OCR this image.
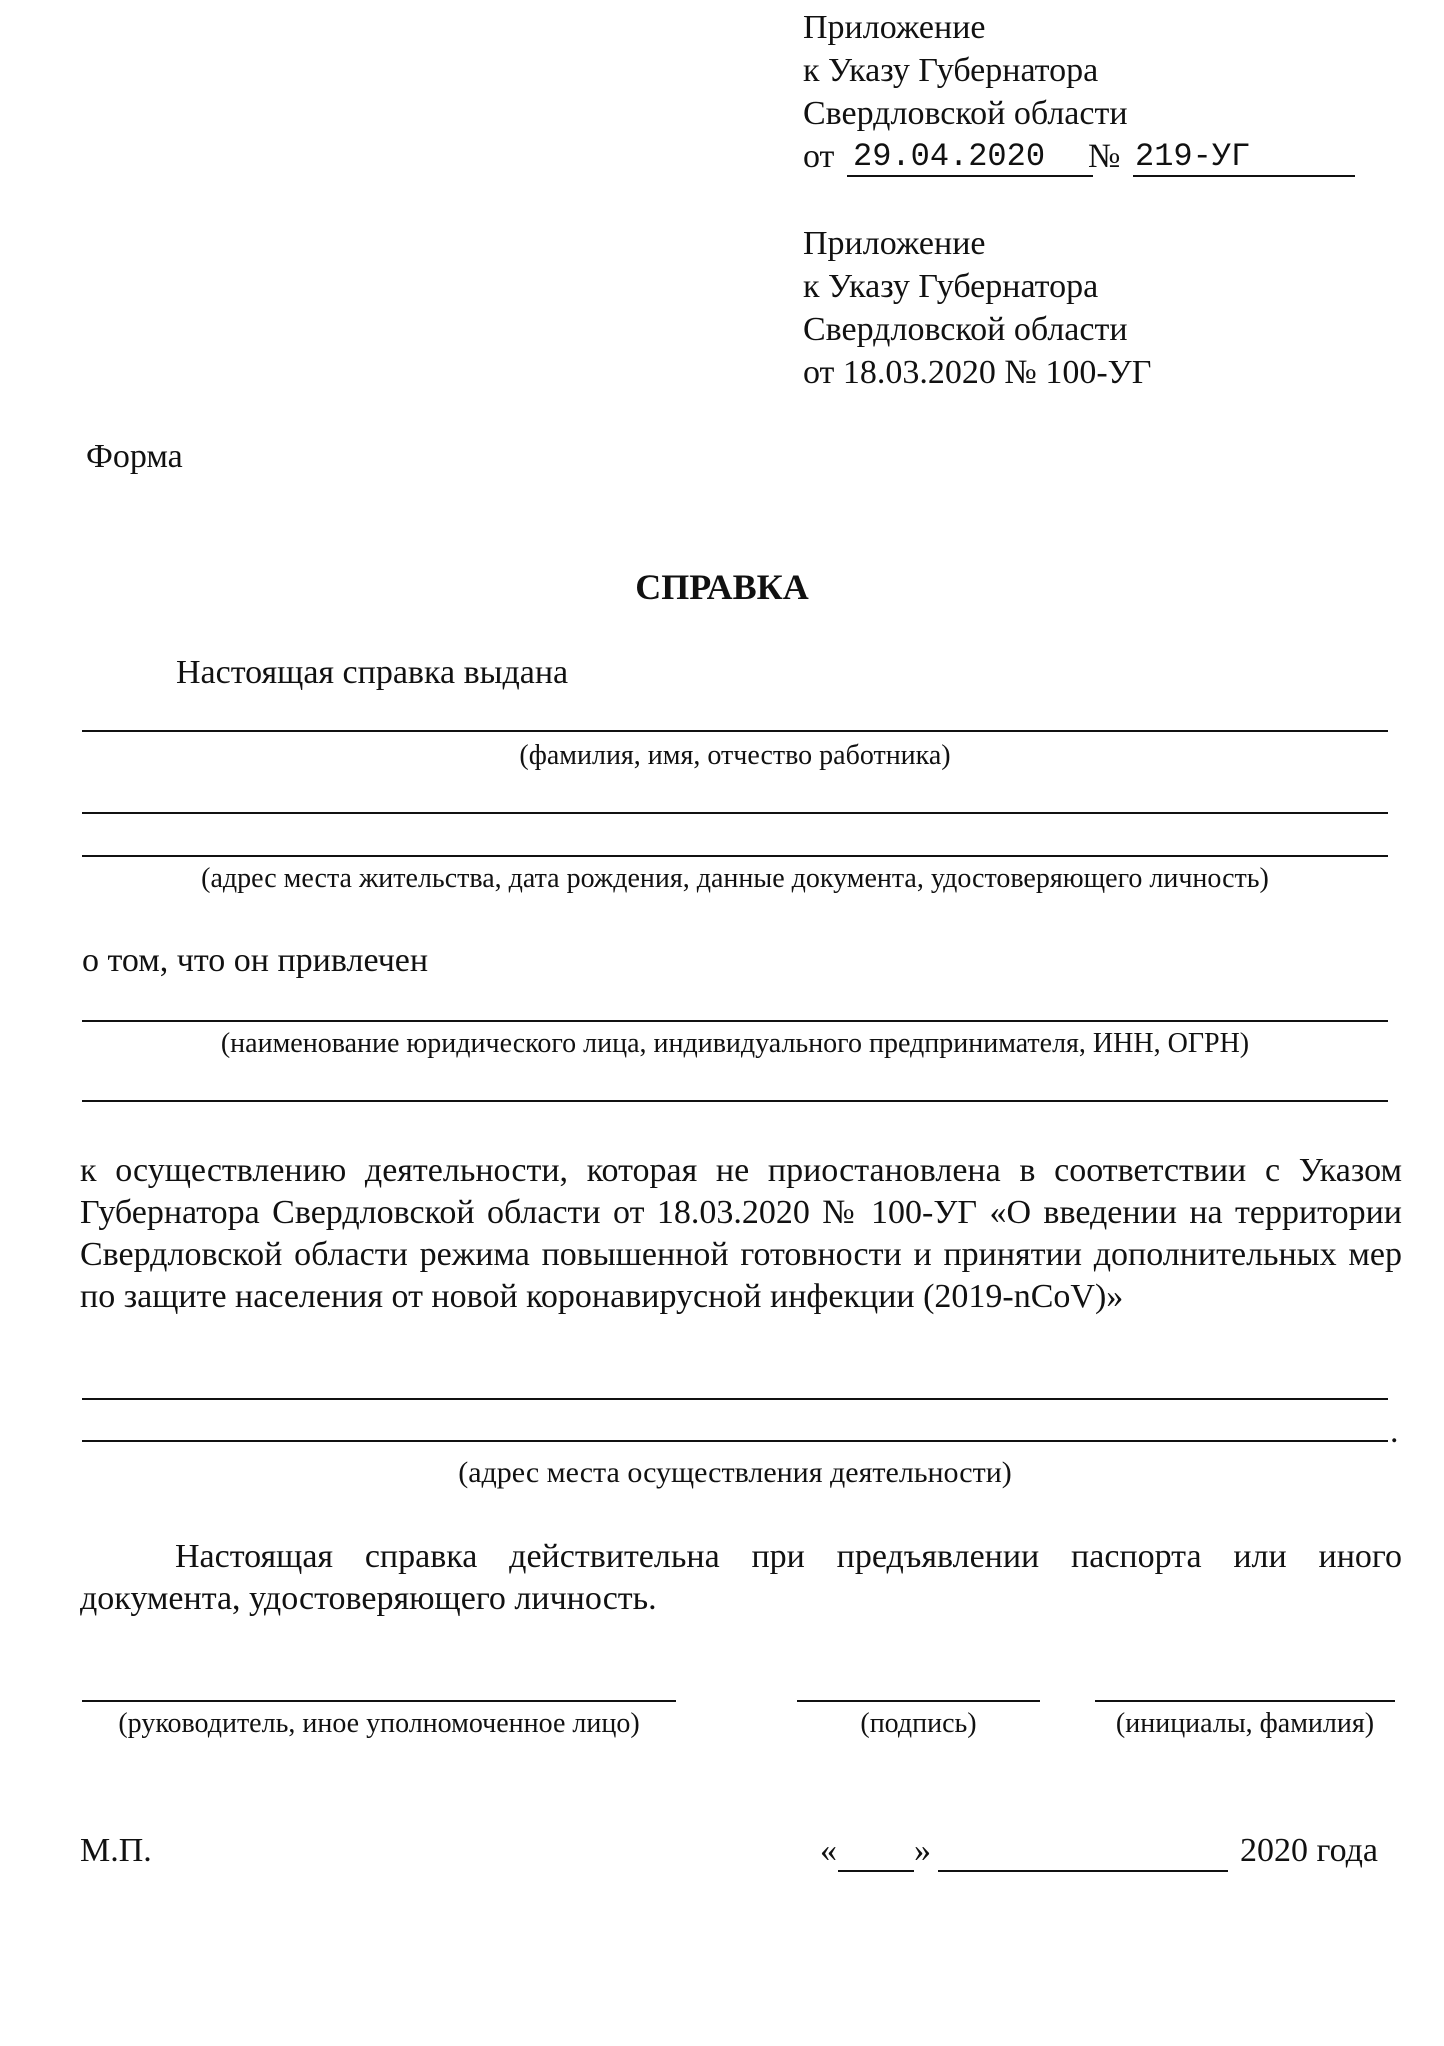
Приложение
к Указу Губернатора
Свердловской области
от 29.04.2020 № 219-УГ
Приложение
к Указу Губернатора
Свердловской области
от 18.03.2020 № 100-УГ
Форма
СПРАВКА
Настоящая справка выдана
(фамилия, имя, отчество работника)
(адрес места жительства, дата рождения, данные документа, удостоверяющего личность)
о том, что он привлечен
(наименование юридического лица, индивидуального предпринимателя, ИНН, ОГРН)
к осуществлению деятельности, которая не приостановлена в соответствии с Указом Губернатора Свердловской области от 18.03.2020 № 100-УГ «О введении на территории Свердловской области режима повышенной готовности и принятии дополнительных мер по защите населения от новой коронавирусной инфекции (2019-nCoV)»
.
(адрес места осуществления деятельности)
Настоящая справка действительна при предъявлении паспорта или иного документа, удостоверяющего личность.
(руководитель, иное уполномоченное лицо)	(подпись)	(инициалы, фамилия)
М.П.	« »	2020 года
